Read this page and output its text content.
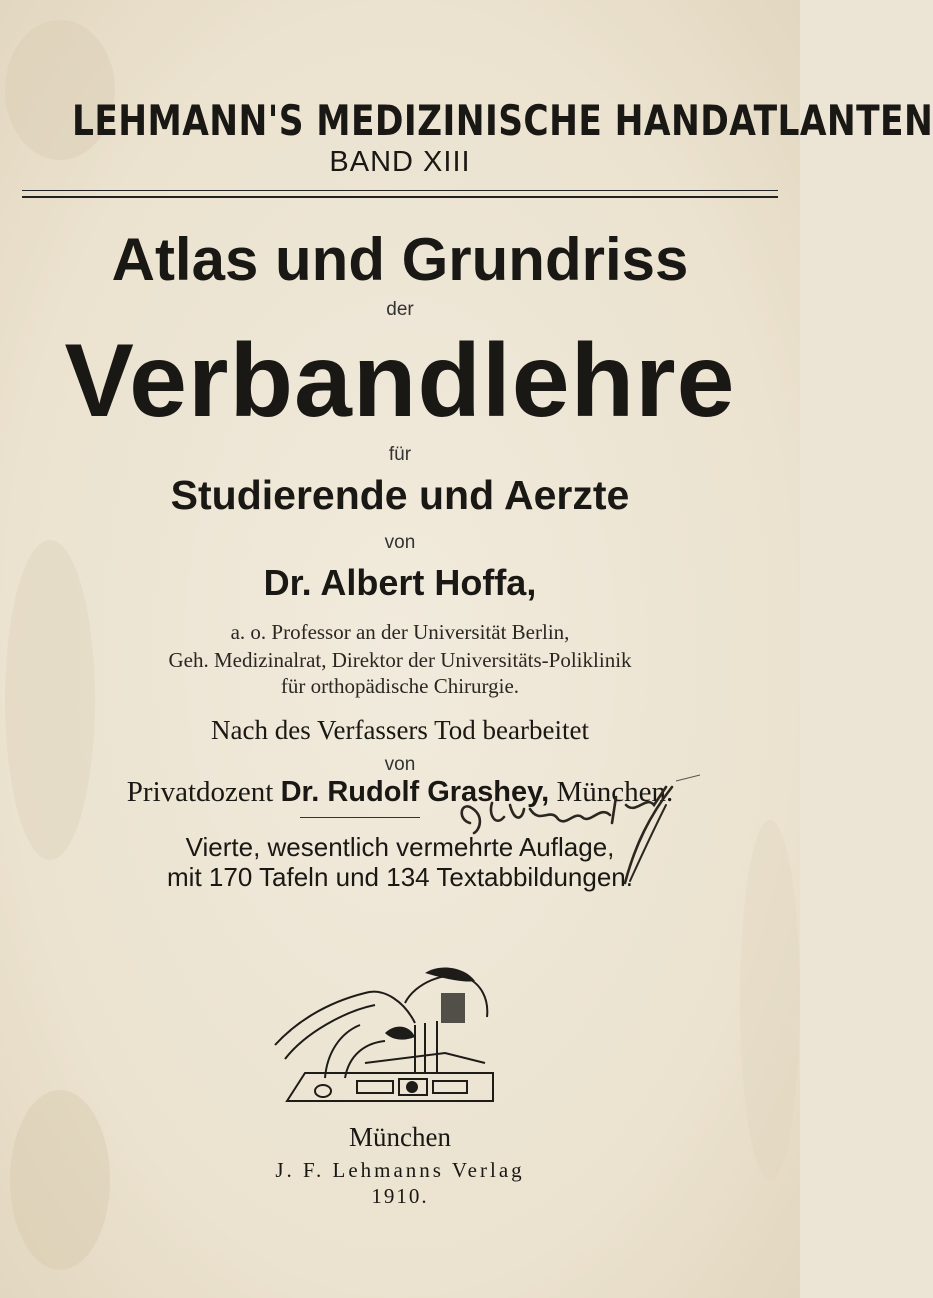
LEHMANN'S MEDIZINISCHE HANDATLANTEN
BAND XIII
Atlas und Grundriss
der
Verbandlehre
für
Studierende und Aerzte
von
Dr. Albert Hoffa,
a. o. Professor an der Universität Berlin,
Geh. Medizinalrat, Direktor der Universitäts-Poliklinik
für orthopädische Chirurgie.
Nach des Verfassers Tod bearbeitet
von
Privatdozent Dr. Rudolf Grashey, München.
Vierte, wesentlich vermehrte Auflage,
mit 170 Tafeln und 134 Textabbildungen.
München
J. F. Lehmanns Verlag
1910.
